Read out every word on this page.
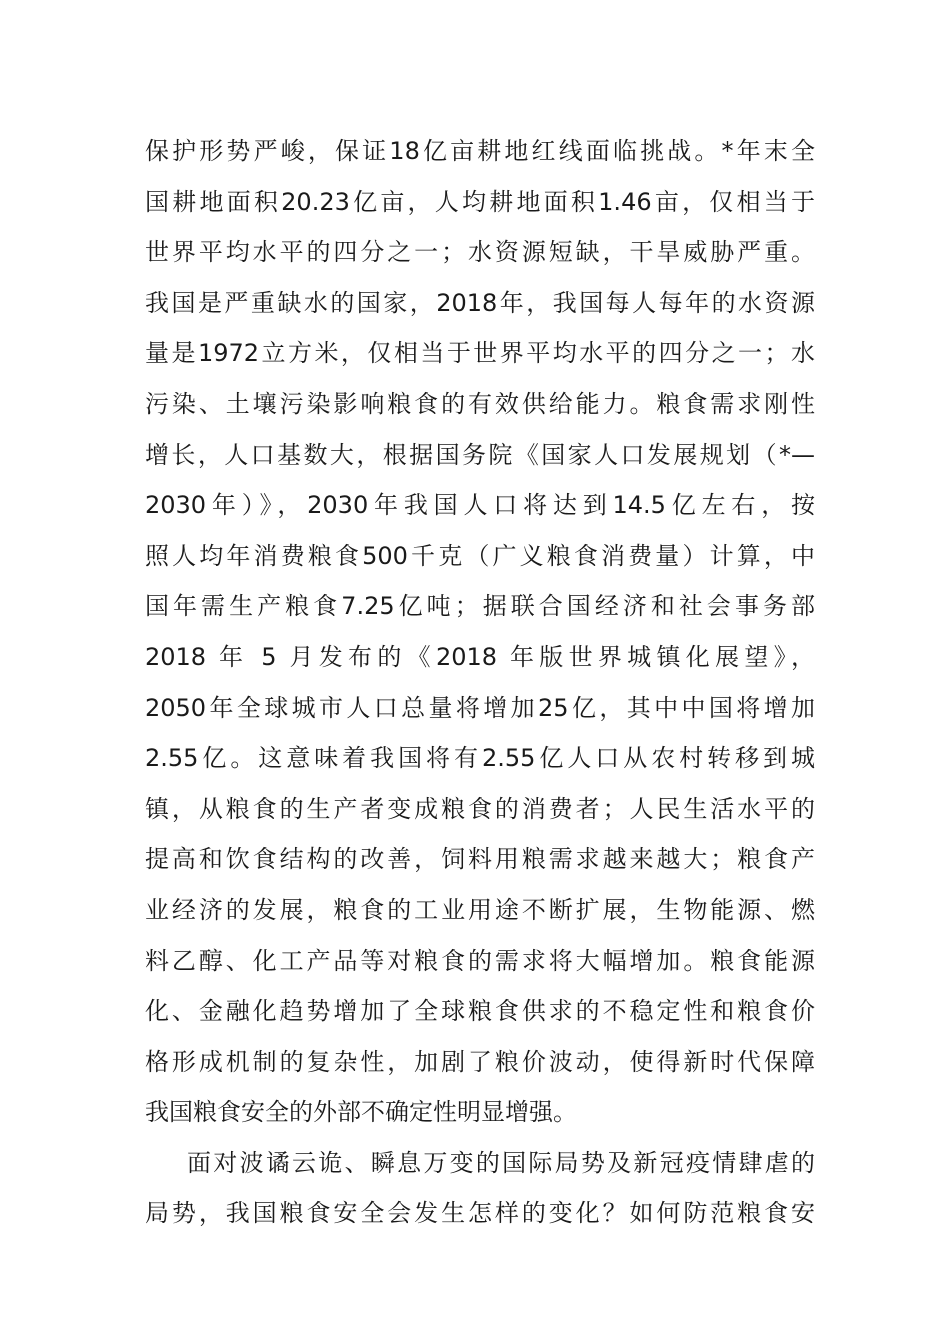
保护形势严峻，保证18亿亩耕地红线面临挑战。*年末全
国耕地面积20.23亿亩，人均耕地面积1.46亩，仅相当于
世界平均水平的四分之一；水资源短缺，干旱威胁严重。
我国是严重缺水的国家，2018年，我国每人每年的水资源
量是1972立方米，仅相当于世界平均水平的四分之一；水
污染、土壤污染影响粮食的有效供给能力。粮食需求刚性
增长，人口基数大，根据国务院《国家人口发展规划（*—
2030年）》，2030年我国人口将达到14.5亿左右，按
照人均年消费粮食500千克（广义粮食消费量）计算，中
国年需生产粮食7.25亿吨；据联合国经济和社会事务部
2018 年 5 月发布的《2018 年版世界城镇化展望》，
2050年全球城市人口总量将增加25亿，其中中国将增加
2.55亿。这意味着我国将有2.55亿人口从农村转移到城
镇，从粮食的生产者变成粮食的消费者；人民生活水平的
提高和饮食结构的改善，饲料用粮需求越来越大；粮食产
业经济的发展，粮食的工业用途不断扩展，生物能源、燃
料乙醇、化工产品等对粮食的需求将大幅增加。粮食能源
化、金融化趋势增加了全球粮食供求的不稳定性和粮食价
格形成机制的复杂性，加剧了粮价波动，使得新时代保障
我国粮食安全的外部不确定性明显增强。
面对波谲云诡、瞬息万变的国际局势及新冠疫情肆虐的
局势，我国粮食安全会发生怎样的变化？如何防范粮食安
